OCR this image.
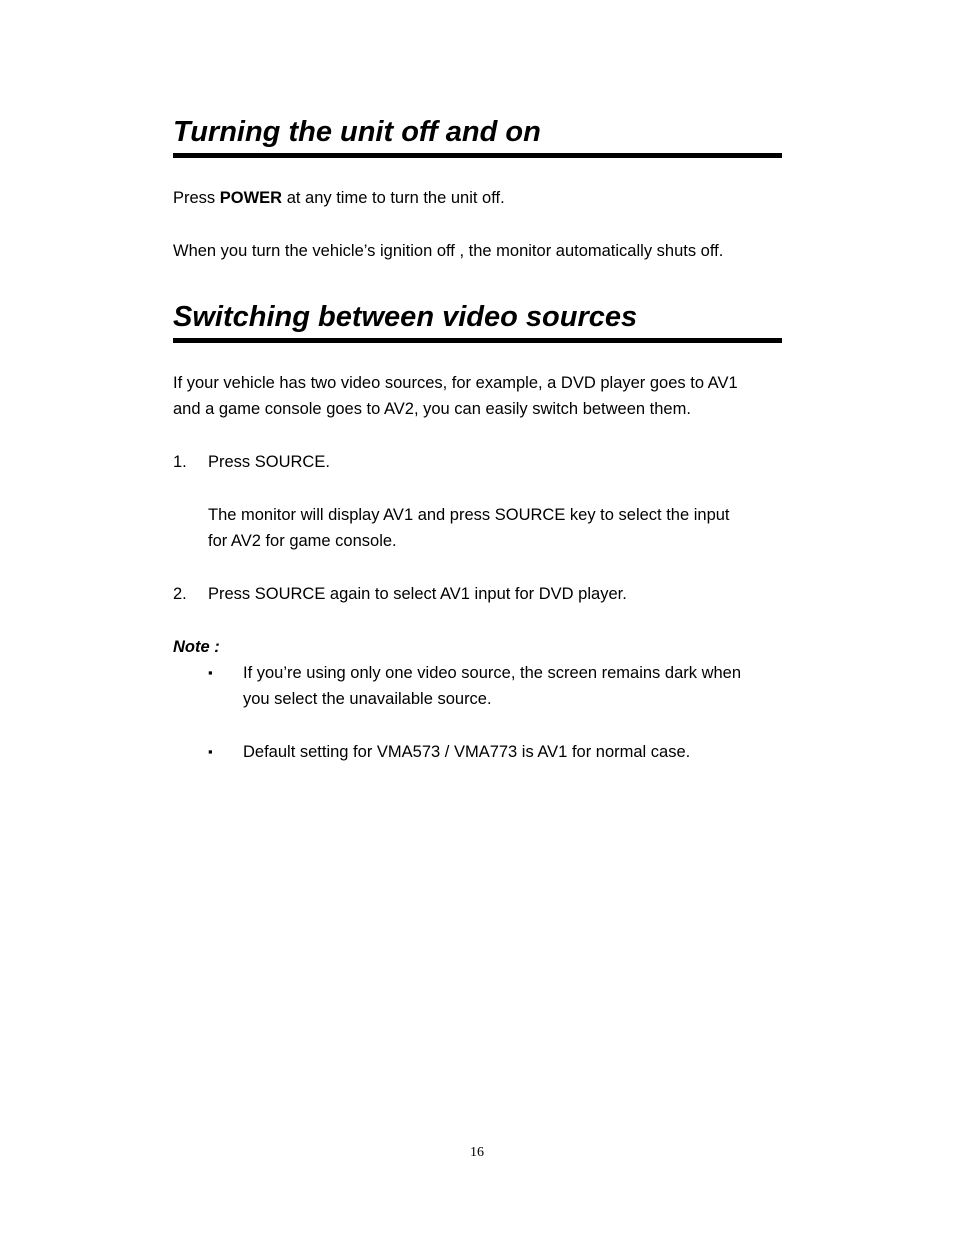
Turning the unit off and on

Press POWER at any time to turn the unit off.

When you turn the vehicle’s ignition off , the monitor automatically shuts off.

Switching between video sources

If your vehicle has two video sources, for example, a DVD player goes to AV1

and a game console goes to AV2, you can easily switch between them.

1. Press SOURCE.

The monitor will display AV1 and press SOURCE key to select the input

for AV2 for game console.

2. Press SOURCE again to select AV1 input for DVD player.

Note :
▪ If you’re using only one video source, the screen remains dark when

you select the unavailable source.

▪ Default setting for VMA573 / VMA773 is AV1 for normal case.

16
